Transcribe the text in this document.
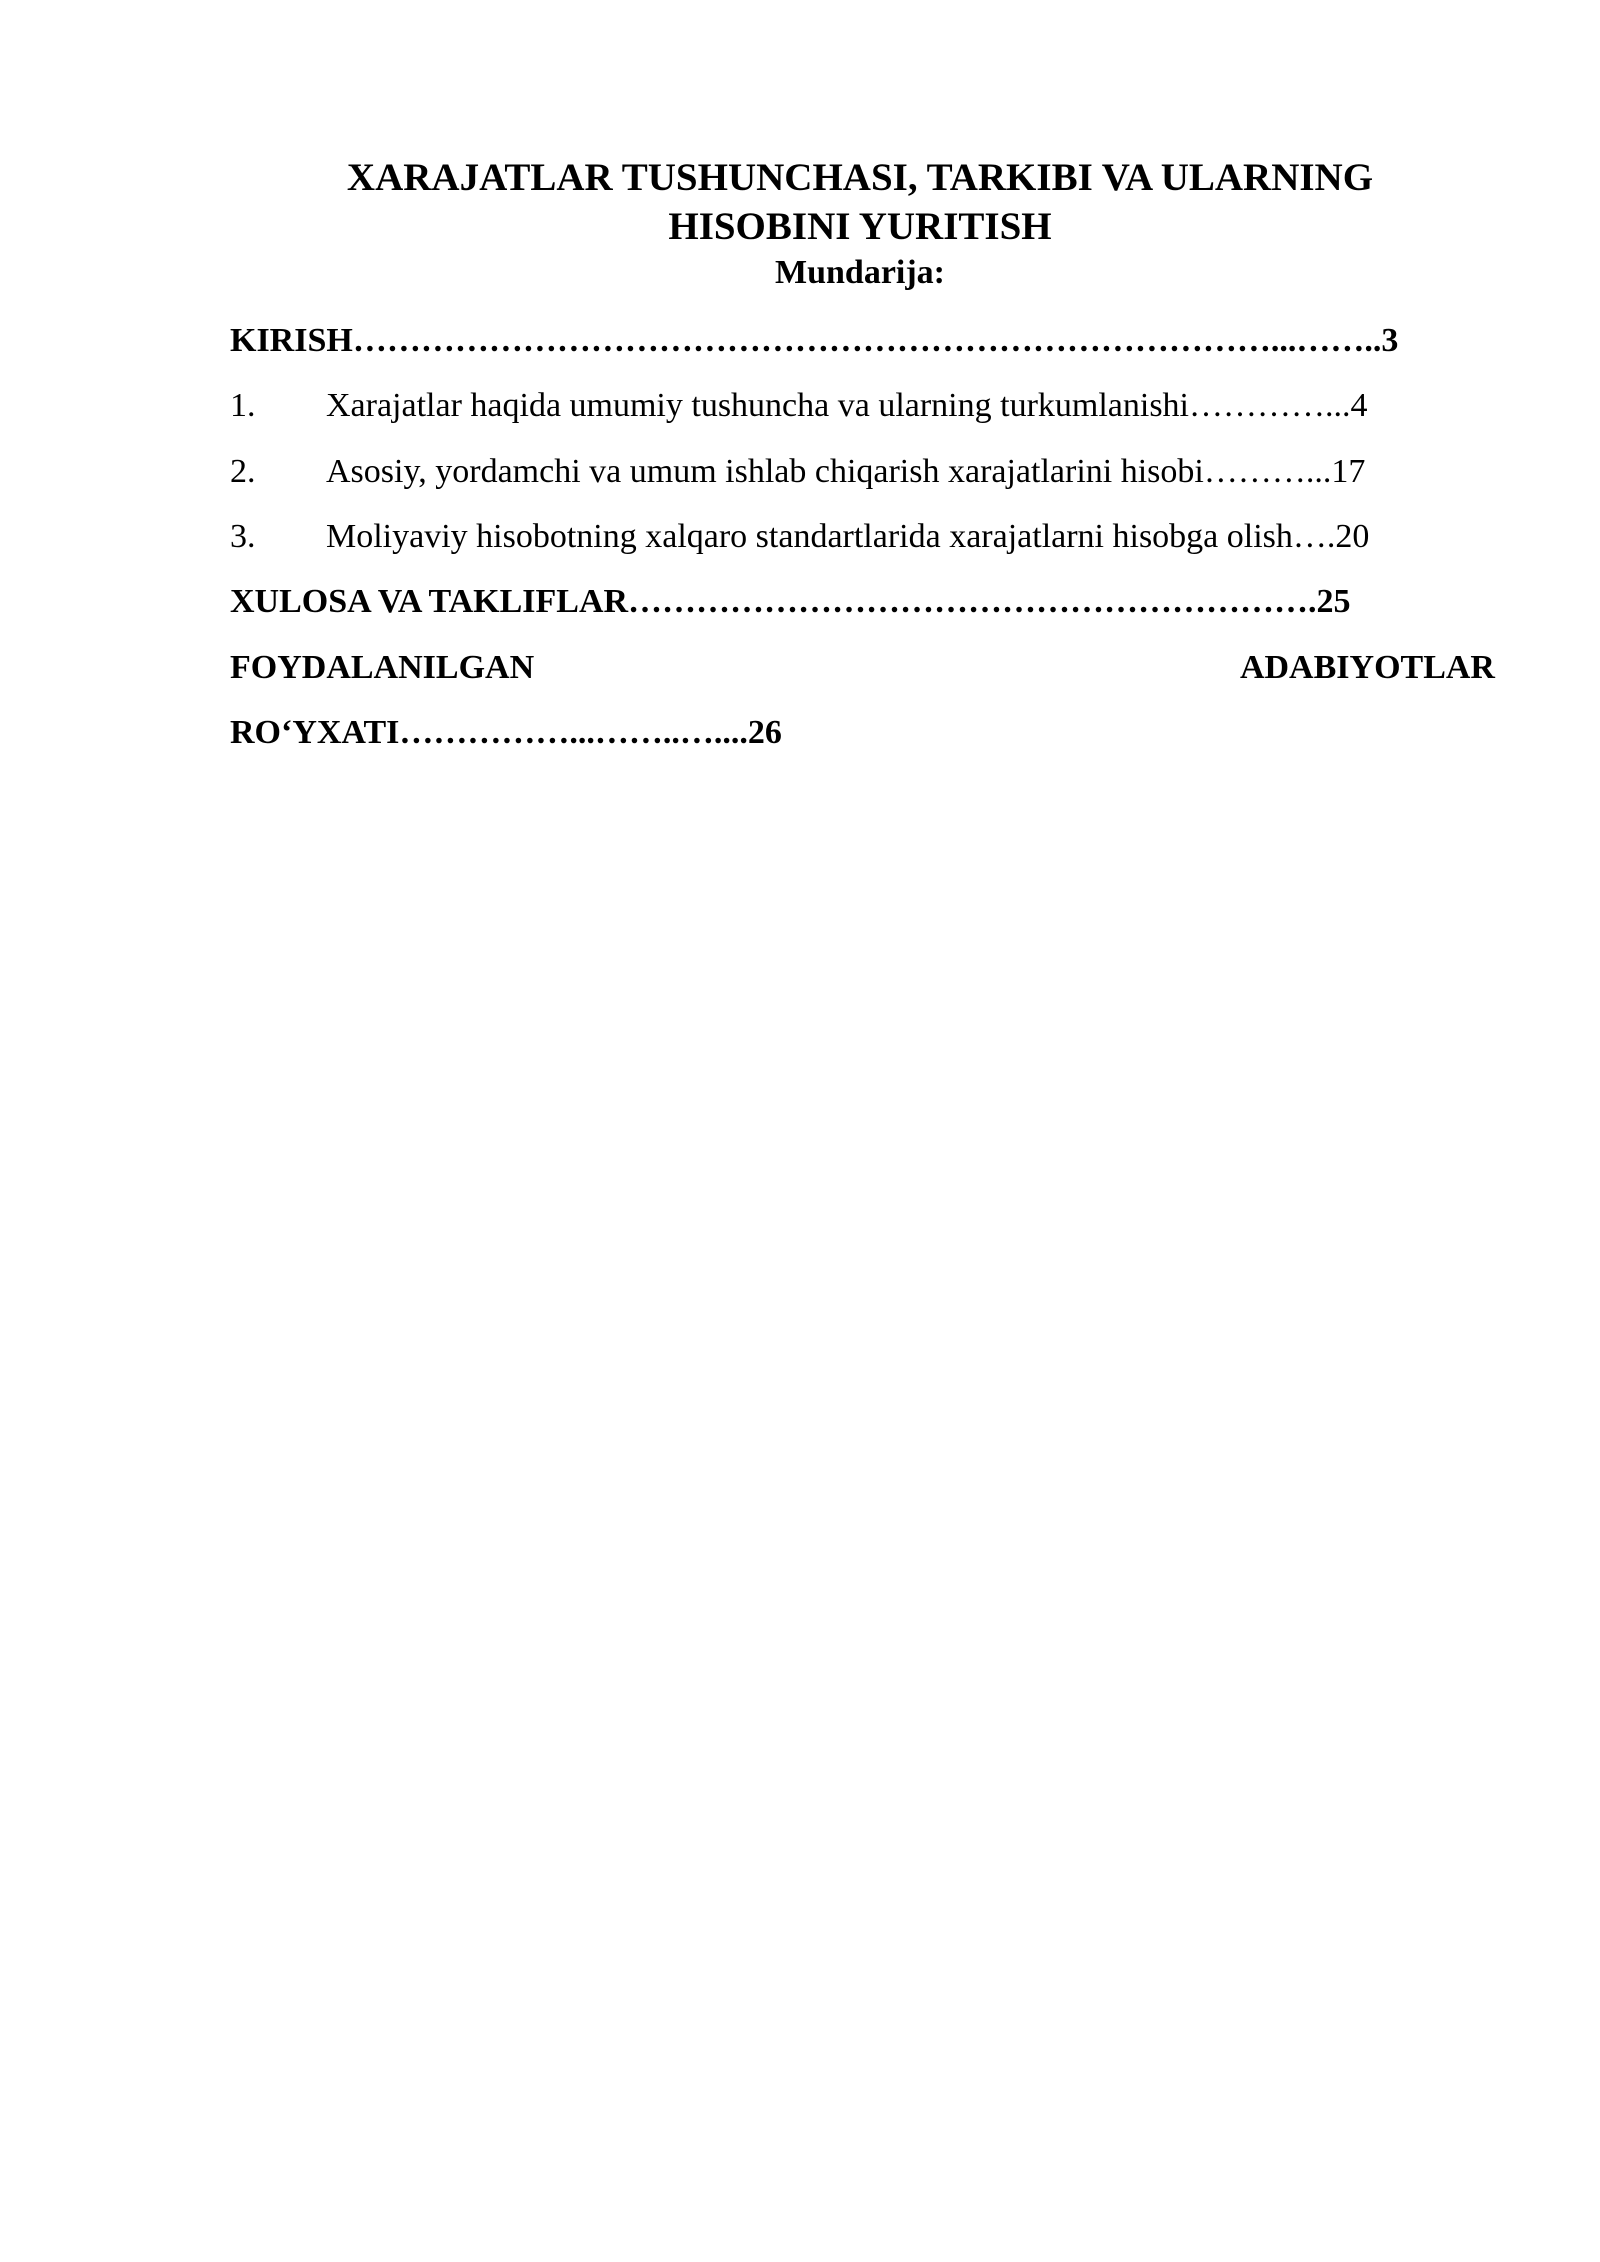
XARAJATLAR TUSHUNCHASI, TARKIBI VA ULARNING
HISOBINI YURITISH
Mundarija:
KIRISH………………………………………………………………………...……..3
1. Xarajatlar haqida umumiy tushuncha va ularning turkumlanishi…………...4
2. Asosiy, yordamchi va umum ishlab chiqarish xarajatlarini hisobi………...17
3. Moliyaviy hisobotning xalqaro standartlarida xarajatlarni hisobga olish….20
XULOSA VA TAKLIFLAR…………………………………………………….25
FOYDALANILGAN	ADABIYOTLAR
RO‘YXATI……………...……..…....26
